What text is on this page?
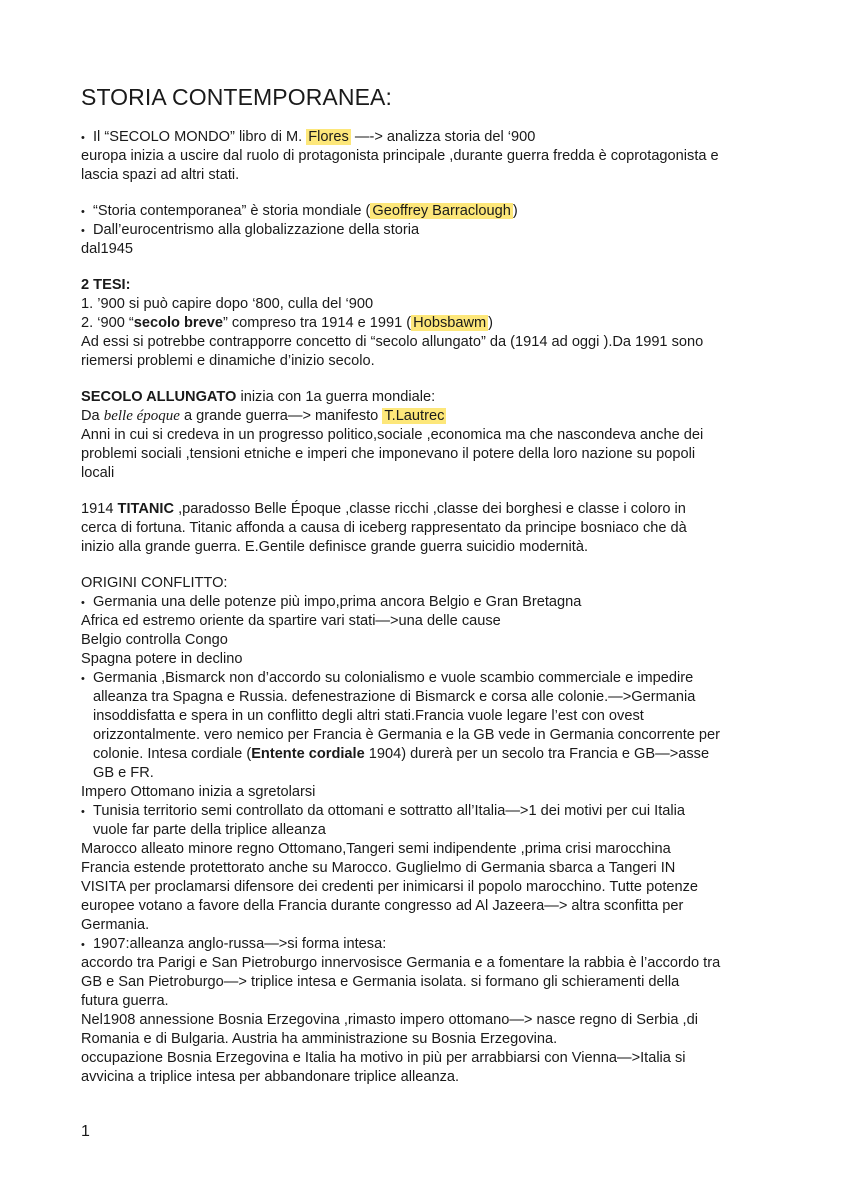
STORIA CONTEMPORANEA:
• Il “SECOLO MONDO” libro di M. Flores —-> analizza storia del ‘900
europa inizia a uscire dal ruolo di protagonista principale ,durante guerra fredda è coprotagonista e
lascia spazi ad altri stati.
• “Storia contemporanea” è storia mondiale ( Geoffrey Barraclough )
• Dall’eurocentrismo alla globalizzazione della storia
dal1945
2 TESI:
1. ’900 si può capire dopo ‘800, culla del ‘900
2. ‘900 “secolo breve” compreso tra 1914 e 1991 ( Hobsbawm )
Ad essi si potrebbe contrapporre concetto di “secolo allungato” da (1914 ad oggi ).Da 1991 sono
riemersi problemi e dinamiche d’inizio secolo.
SECOLO ALLUNGATO inizia con 1a guerra mondiale:
Da belle époque a grande guerra—> manifesto T.Lautrec
Anni in cui si credeva in un progresso politico,sociale ,economica ma che nascondeva anche dei
problemi sociali ,tensioni etniche e imperi che imponevano il potere della loro nazione su popoli
locali
1914 TITANIC ,paradosso Belle Époque ,classe ricchi ,classe dei borghesi e classe i coloro in
cerca di fortuna. Titanic affonda a causa di iceberg rappresentato da principe bosniaco che dà
inizio alla grande guerra. E.Gentile definisce grande guerra suicidio modernità.
ORIGINI CONFLITTO:
• Germania una delle potenze più impo,prima ancora Belgio e Gran Bretagna
Africa ed estremo oriente da spartire vari stati—>una delle cause
Belgio controlla Congo
Spagna potere in declino
• Germania ,Bismarck non d’accordo su colonialismo e vuole scambio commerciale e impedire
alleanza tra Spagna e Russia. defenestrazione di Bismarck e corsa alle colonie.—>Germania
insoddisfatta e spera in un conflitto degli altri stati.Francia vuole legare l’est con ovest
orizzontalmente. vero nemico per Francia è Germania e la GB vede in Germania concorrente per
colonie. Intesa cordiale (Entente cordiale 1904) durerà per un secolo tra Francia e GB—>asse
GB e FR.
Impero Ottomano inizia a sgretolarsi
• Tunisia territorio semi controllato da ottomani e sottratto all’Italia—>1 dei motivi per cui Italia
vuole far parte della triplice alleanza
Marocco alleato minore regno Ottomano,Tangeri semi indipendente ,prima crisi marocchina
Francia estende protettorato anche su Marocco. Guglielmo di Germania sbarca a Tangeri IN
VISITA per proclamarsi difensore dei credenti per inimicarsi il popolo marocchino. Tutte potenze
europee votano a favore della Francia durante congresso ad Al Jazeera—> altra sconfitta per
Germania.
• 1907:alleanza anglo-russa—>si forma intesa:
accordo tra Parigi e San Pietroburgo innervosisce Germania e a fomentare la rabbia è l’accordo tra
GB e San Pietroburgo—> triplice intesa e Germania isolata. si formano gli schieramenti della
futura guerra.
Nel1908 annessione Bosnia Erzegovina ,rimasto impero ottomano—> nasce regno di Serbia ,di
Romania e di Bulgaria. Austria ha amministrazione su Bosnia Erzegovina.
occupazione Bosnia Erzegovina e Italia ha motivo in più per arrabbiarsi con Vienna—>Italia si
avvicina a triplice intesa per abbandonare triplice alleanza.
1
